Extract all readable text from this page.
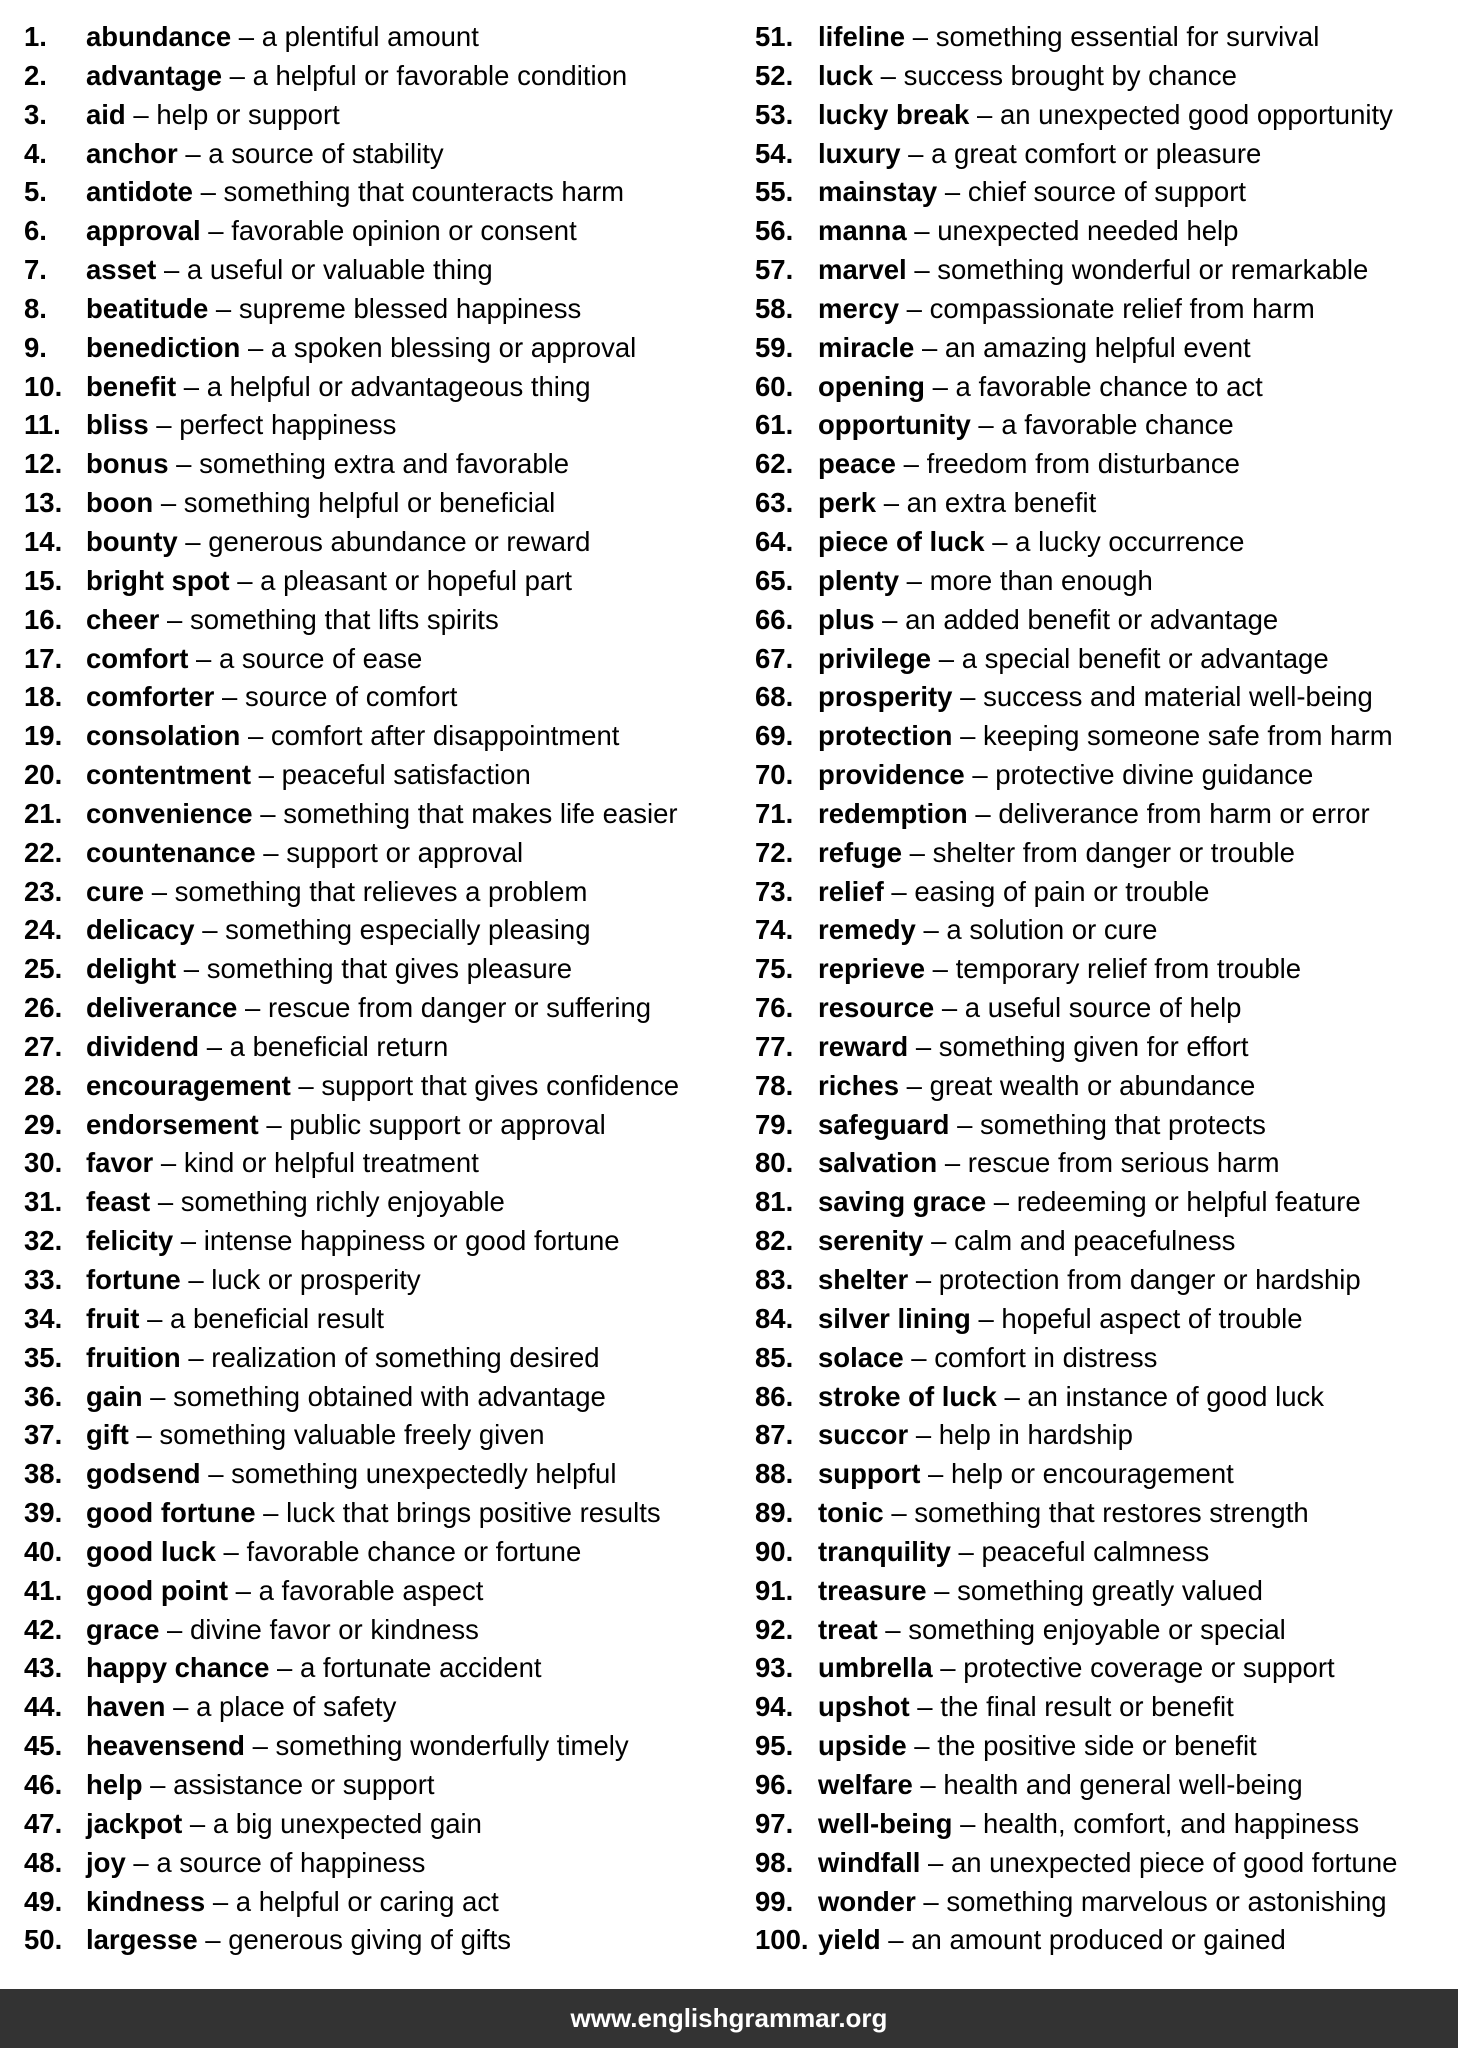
1.	abundance – a plentiful amount
2.	advantage – a helpful or favorable condition
3.	aid – help or support
4.	anchor – a source of stability
5.	antidote – something that counteracts harm
6.	approval – favorable opinion or consent
7.	asset – a useful or valuable thing
8.	beatitude – supreme blessed happiness
9.	benediction – a spoken blessing or approval
10. benefit – a helpful or advantageous thing
11. bliss – perfect happiness
12. bonus – something extra and favorable
13. boon – something helpful or beneficial
14. bounty – generous abundance or reward
15. bright spot – a pleasant or hopeful part
16. cheer – something that lifts spirits
17. comfort – a source of ease
18. comforter – source of comfort
19. consolation – comfort after disappointment
20. contentment – peaceful satisfaction
21. convenience – something that makes life easier
22. countenance – support or approval
23. cure – something that relieves a problem
24. delicacy – something especially pleasing
25. delight – something that gives pleasure
26. deliverance – rescue from danger or suffering
27. dividend – a beneficial return
28. encouragement – support that gives confidence
29. endorsement – public support or approval
30. favor – kind or helpful treatment
31. feast – something richly enjoyable
32. felicity – intense happiness or good fortune
33. fortune – luck or prosperity
34. fruit – a beneficial result
35. fruition – realization of something desired
36. gain – something obtained with advantage
37. gift – something valuable freely given
38. godsend – something unexpectedly helpful
39. good fortune – luck that brings positive results
40. good luck – favorable chance or fortune
41. good point – a favorable aspect
42. grace – divine favor or kindness
43. happy chance – a fortunate accident
44. haven – a place of safety
45. heavensend – something wonderfully timely
46. help – assistance or support
47. jackpot – a big unexpected gain
48. joy – a source of happiness
49. kindness – a helpful or caring act
50. largesse – generous giving of gifts
51. lifeline – something essential for survival
52. luck – success brought by chance
53. lucky break – an unexpected good opportunity
54. luxury – a great comfort or pleasure
55. mainstay – chief source of support
56. manna – unexpected needed help
57. marvel – something wonderful or remarkable
58. mercy – compassionate relief from harm
59. miracle – an amazing helpful event
60. opening – a favorable chance to act
61. opportunity – a favorable chance
62. peace – freedom from disturbance
63. perk – an extra benefit
64. piece of luck – a lucky occurrence
65. plenty – more than enough
66. plus – an added benefit or advantage
67. privilege – a special benefit or advantage
68. prosperity – success and material well-being
69. protection – keeping someone safe from harm
70. providence – protective divine guidance
71. redemption – deliverance from harm or error
72. refuge – shelter from danger or trouble
73. relief – easing of pain or trouble
74. remedy – a solution or cure
75. reprieve – temporary relief from trouble
76. resource – a useful source of help
77. reward – something given for effort
78. riches – great wealth or abundance
79. safeguard – something that protects
80. salvation – rescue from serious harm
81. saving grace – redeeming or helpful feature
82. serenity – calm and peacefulness
83. shelter – protection from danger or hardship
84. silver lining – hopeful aspect of trouble
85. solace – comfort in distress
86. stroke of luck – an instance of good luck
87. succor – help in hardship
88. support – help or encouragement
89. tonic – something that restores strength
90. tranquility – peaceful calmness
91. treasure – something greatly valued
92. treat – something enjoyable or special
93. umbrella – protective coverage or support
94. upshot – the final result or benefit
95. upside – the positive side or benefit
96. welfare – health and general well-being
97. well-being – health, comfort, and happiness
98. windfall – an unexpected piece of good fortune
99. wonder – something marvelous or astonishing
100. yield – an amount produced or gained
www.englishgrammar.org
